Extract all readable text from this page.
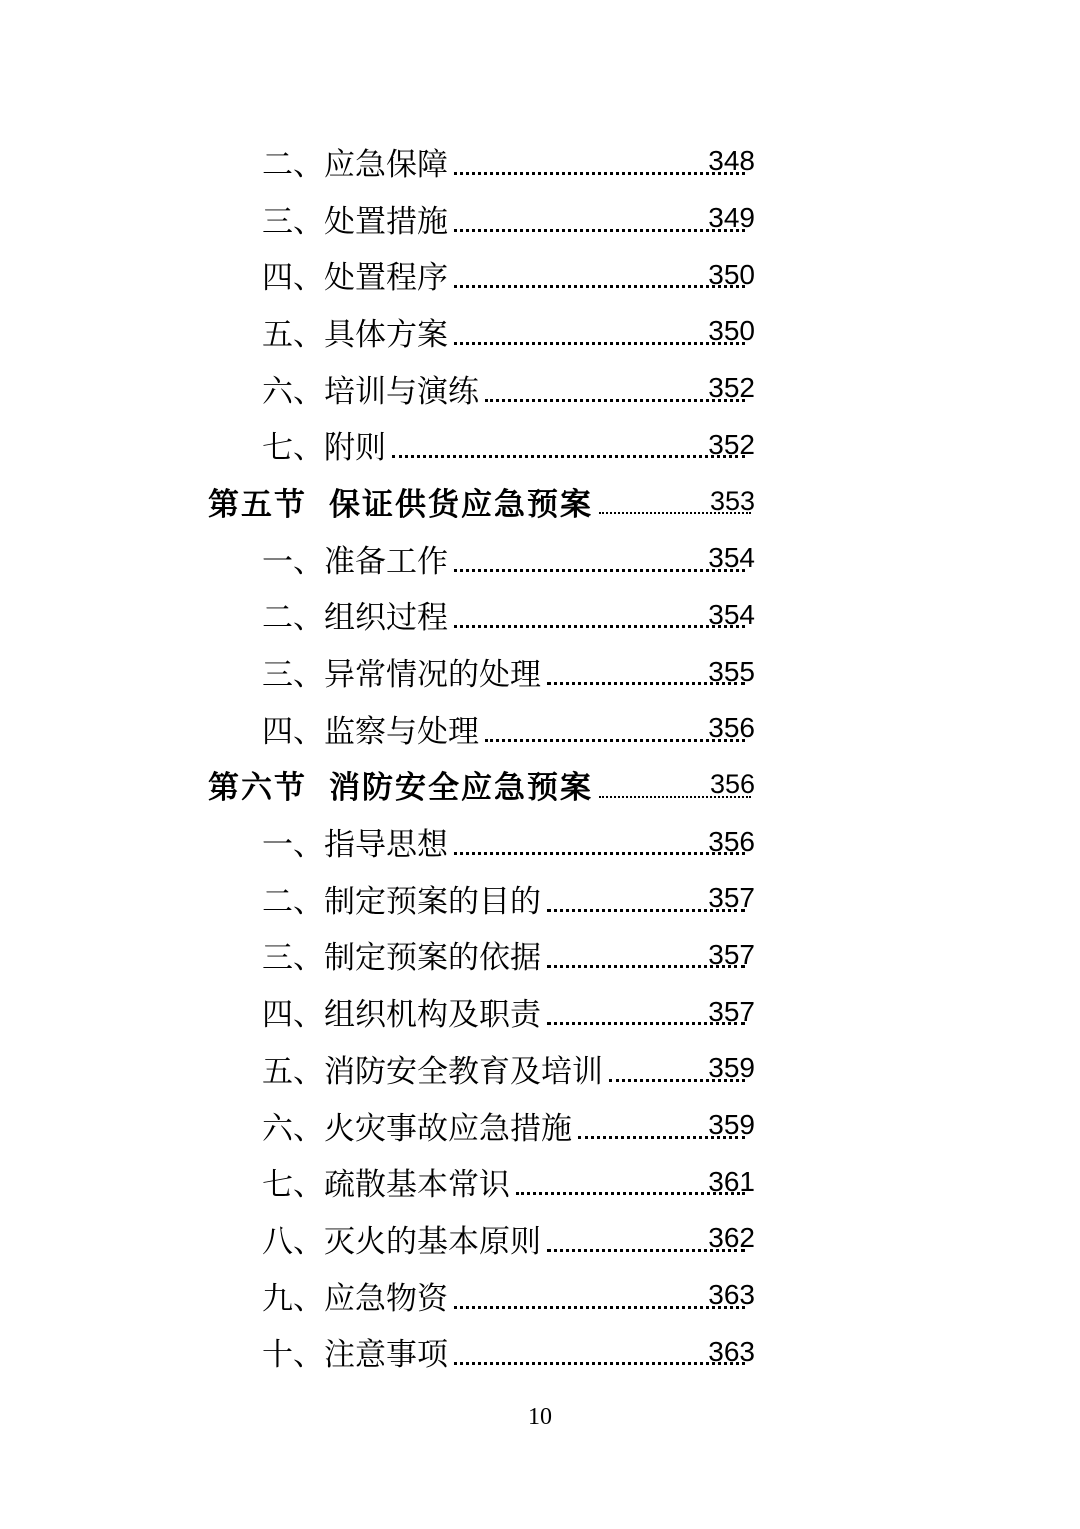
二、 应急保障	348
三、 处置措施	349
四、 处置程序	350
五、 具体方案	350
六、 培训与演练	352
七、 附则	352
第五节 保证供货应急预案	353
一、 准备工作	354
二、 组织过程	354
三、 异常情况的处理	355
四、 监察与处理	356
第六节 消防安全应急预案	356
一、 指导思想	356
二、 制定预案的目的	357
三、 制定预案的依据	357
四、 组织机构及职责	357
五、 消防安全教育及培训	359
六、 火灾事故应急措施	359
七、 疏散基本常识	361
八、 灭火的基本原则	362
九、 应急物资	363
十、 注意事项	363
10
